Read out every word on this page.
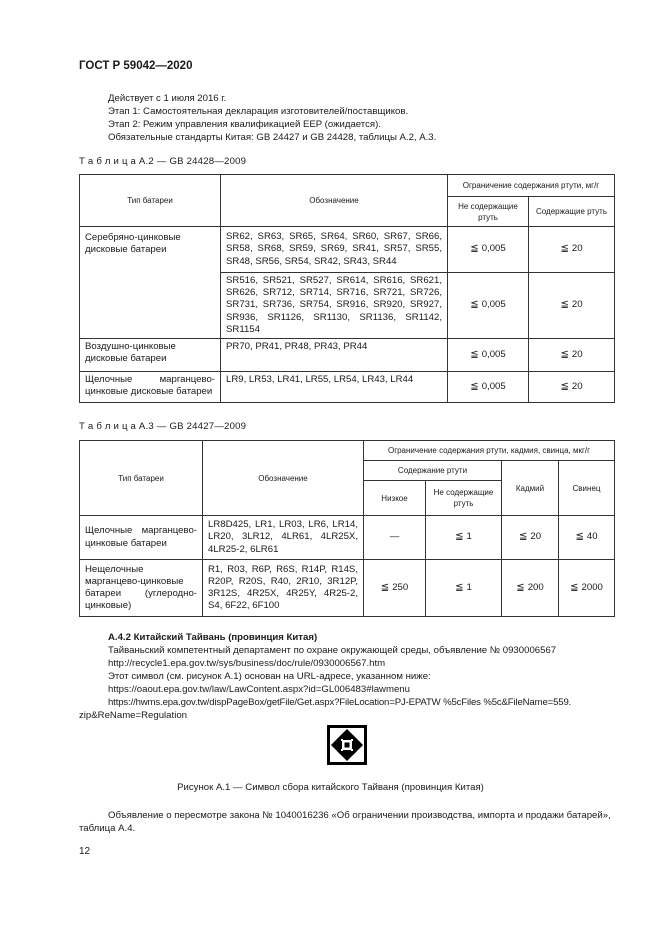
ГОСТ Р 59042—2020
Действует с 1 июля 2016 г.
Этап 1: Самостоятельная декларация изготовителей/поставщиков.
Этап 2: Режим управления квалификацией EEP (ожидается).
Обязательные стандарты Китая: GB 24427 и GB 24428, таблицы А.2, А.3.
Т а б л и ц а А.2 — GB 24428—2009
Тип батареи	Обозначение	Ограничение содержания ртути, мг/г	
		Не содержащие ртуть	Содержащие ртуть
Серебряно-цинковые дисковые батареи	SR62, SR63, SR65, SR64, SR60, SR67, SR66, SR58, SR68, SR59, SR69, SR41, SR57, SR55, SR48, SR56, SR54, SR42, SR43, SR44	≦ 0,005	≦ 20
	SR516, SR521, SR527, SR614, SR616, SR621, SR626, SR712, SR714, SR716, SR721, SR726, SR731, SR736, SR754, SR916, SR920, SR927, SR936, SR1126, SR1130, SR1136, SR1142, SR1154	≦ 0,005	≦ 20
Воздушно-цинковые дисковые батареи	PR70, PR41, PR48, PR43, PR44	≦ 0,005	≦ 20
Щелочные марганцево-цинковые дисковые батареи	LR9, LR53, LR41, LR55, LR54, LR43, LR44	≦ 0,005	≦ 20
Т а б л и ц а А.3 — GB 24427—2009
Тип батареи	Обозначение	Ограничение содержания ртути, кадмия, свинца, мкг/г			
		Содержание ртути		Кадмий	Свинец
		Низкое	Не содержащие ртуть		
Щелочные марганцево-цинковые батареи	LR8D425, LR1, LR03, LR6, LR14, LR20, 3LR12, 4LR61, 4LR25X, 4LR25-2, 6LR61	—	≦ 1	≦ 20	≦ 40
Нещелочные марганцево-цинковые батареи (углеродно-цинковые)	R1, R03, R6P, R6S, R14P, R14S, R20P, R20S, R40, 2R10, 3R12P, 3R12S, 4R25X, 4R25Y, 4R25-2, S4, 6F22, 6F100	≦ 250	≦ 1	≦ 200	≦ 2000
А.4.2 Китайский Тайвань (провинция Китая)
Тайваньский компетентный департамент по охране окружающей среды, объявление № 0930006567
http://recycle1.epa.gov.tw/sys/business/doc/rule/0930006567.htm
Этот символ (см. рисунок А.1) основан на URL-адресе, указанном ниже:
https://oaout.epa.gov.tw/law/LawContent.aspx?id=GL006483#lawmenu
https://hwms.epa.gov.tw/dispPageBox/getFile/Get.aspx?FileLocation=PJ-EPATW %5cFiles %5c&FileName=559.
zip&ReName=Regulation
Рисунок А.1 — Символ сбора китайского Тайваня (провинция Китая)
Объявление о пересмотре закона № 1040016236 «Об ограничении производства, импорта и продажи батарей», таблица А.4.
12
